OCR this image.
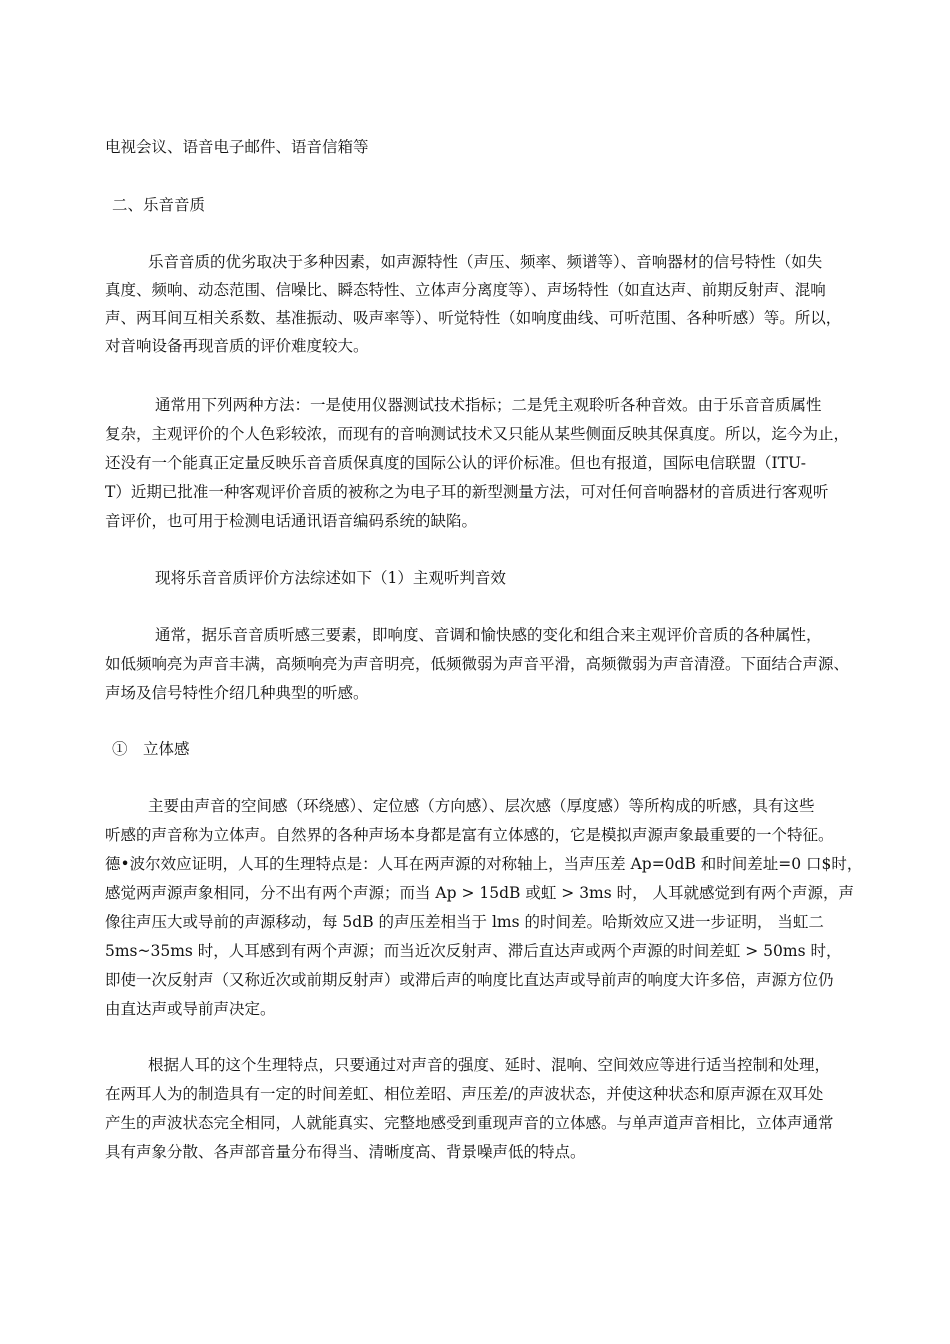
电视会议、语音电子邮件、语音信箱等
二、乐音音质
乐音音质的优劣取决于多种因素，如声源特性（声压、频率、频谱等）、音响器材的信号特性（如失
真度、频响、动态范围、信噪比、瞬态特性、立体声分离度等）、声场特性（如直达声、前期反射声、混响
声、两耳间互相关系数、基准振动、吸声率等）、听觉特性（如响度曲线、可听范围、各种听感）等。所以，
对音响设备再现音质的评价难度较大。
通常用下列两种方法：一是使用仪器测试技术指标；二是凭主观聆听各种音效。由于乐音音质属性
复杂，主观评价的个人色彩较浓，而现有的音响测试技术又只能从某些侧面反映其保真度。所以，迄今为止，
还没有一个能真正定量反映乐音音质保真度的国际公认的评价标准。但也有报道，国际电信联盟（ITU-
T）近期已批准一种客观评价音质的被称之为电子耳的新型测量方法，可对任何音响器材的音质进行客观听
音评价，也可用于检测电话通讯语音编码系统的缺陷。
现将乐音音质评价方法综述如下（1）主观听判音效
通常，据乐音音质听感三要素，即响度、音调和愉快感的变化和组合来主观评价音质的各种属性，
如低频响亮为声音丰满，高频响亮为声音明亮，低频微弱为声音平滑，高频微弱为声音清澄。下面结合声源、
声场及信号特性介绍几种典型的听感。
①　立体感
主要由声音的空间感（环绕感）、定位感（方向感）、层次感（厚度感）等所构成的听感，具有这些
听感的声音称为立体声。自然界的各种声场本身都是富有立体感的，它是模拟声源声象最重要的一个特征。
德•波尔效应证明，人耳的生理特点是：人耳在两声源的对称轴上，当声压差 Ap=0dB 和时间差址=0 口$时，
感觉两声源声象相同，分不出有两个声源；而当 Ap > 15dB 或虹 > 3ms 时， 人耳就感觉到有两个声源，声
像往声压大或导前的声源移动，每 5dB 的声压差相当于 lms 的时间差。哈斯效应又进一步证明， 当虹二
5ms~35ms 时，人耳感到有两个声源；而当近次反射声、滞后直达声或两个声源的时间差虹 > 50ms 时，
即使一次反射声（又称近次或前期反射声）或滞后声的响度比直达声或导前声的响度大许多倍，声源方位仍
由直达声或导前声决定。
根据人耳的这个生理特点，只要通过对声音的强度、延时、混响、空间效应等进行适当控制和处理，
在两耳人为的制造具有一定的时间差虹、相位差昭、声压差/的声波状态，并使这种状态和原声源在双耳处
产生的声波状态完全相同，人就能真实、完整地感受到重现声音的立体感。与单声道声音相比，立体声通常
具有声象分散、各声部音量分布得当、清晰度高、背景噪声低的特点。
